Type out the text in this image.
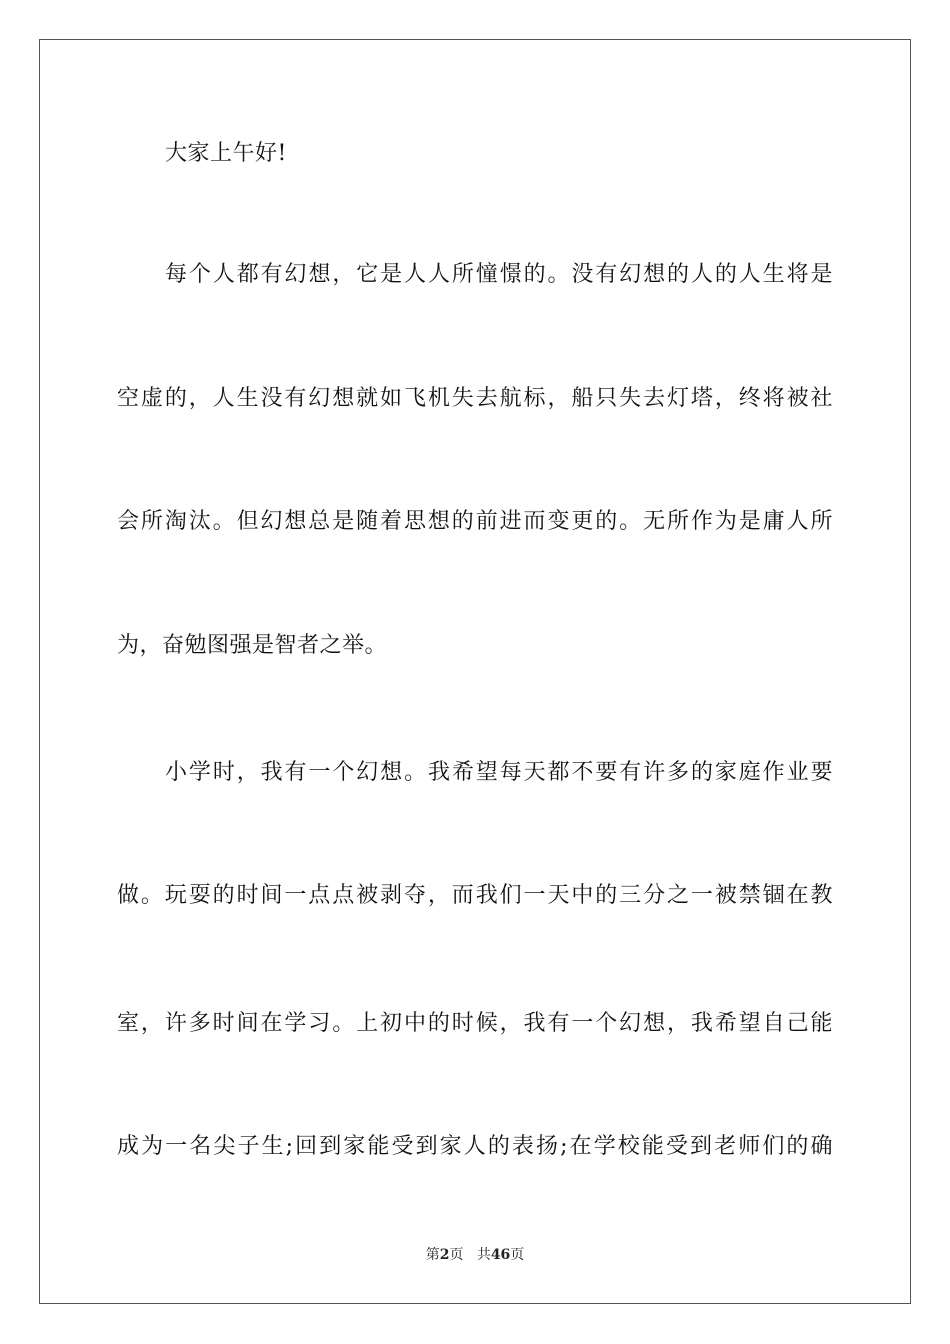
大家上午好!
每个人都有幻想，它是人人所憧憬的。没有幻想的人的人生将是
空虚的，人生没有幻想就如飞机失去航标，船只失去灯塔，终将被社
会所淘汰。但幻想总是随着思想的前进而变更的。无所作为是庸人所
为，奋勉图强是智者之举。
小学时，我有一个幻想。我希望每天都不要有许多的家庭作业要
做。玩耍的时间一点点被剥夺，而我们一天中的三分之一被禁锢在教
室，许多时间在学习。上初中的时候，我有一个幻想，我希望自己能
成为一名尖子生;回到家能受到家人的表扬;在学校能受到老师们的确
第2页 共46页
